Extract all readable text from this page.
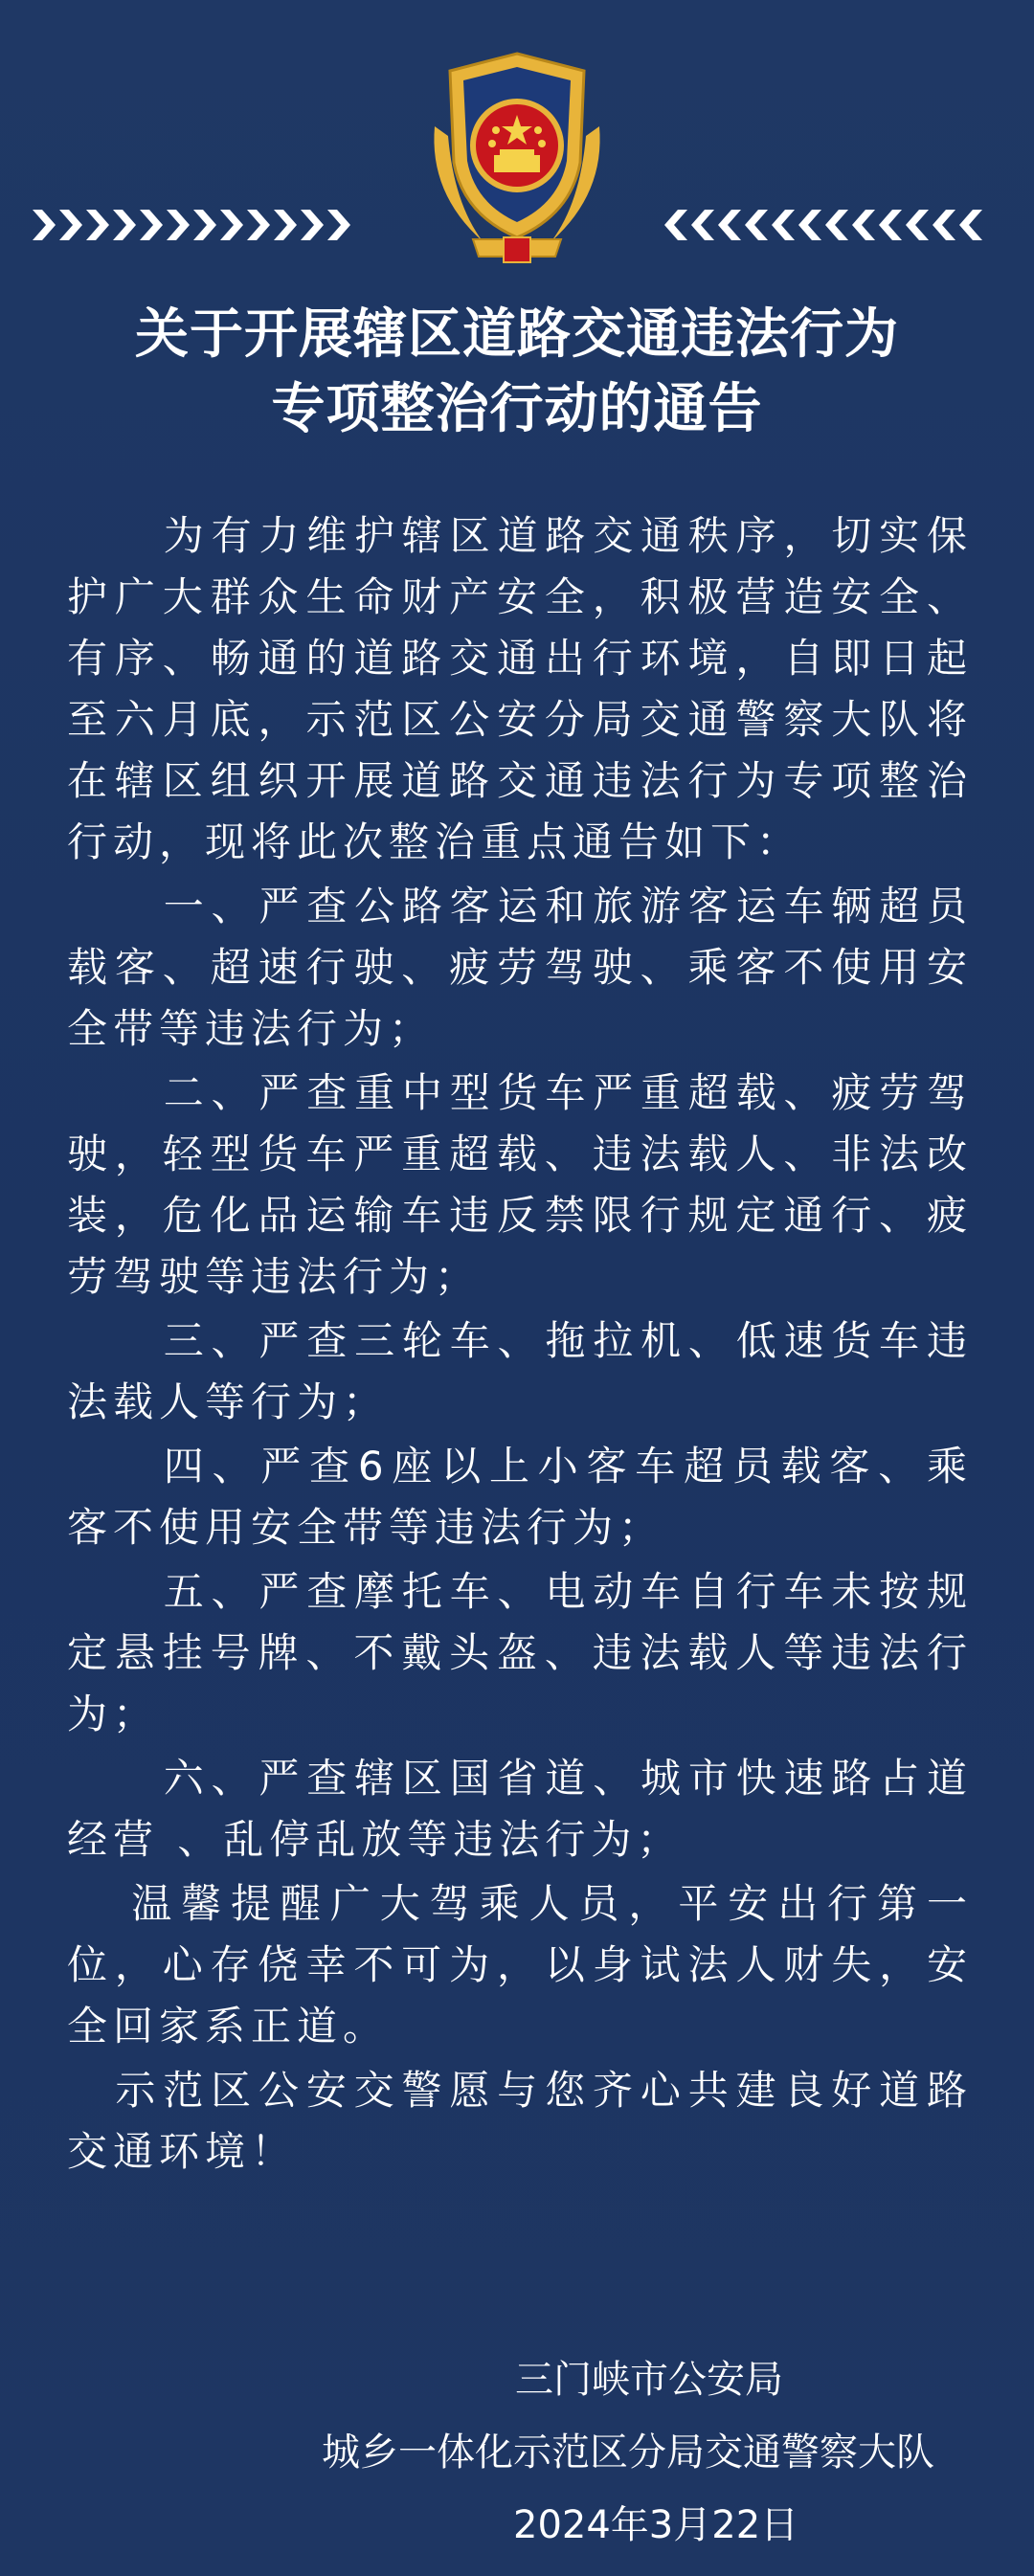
关于开展辖区道路交通违法行为
专项整治行动的通告

为有力维护辖区道路交通秩序，切实保护广大群众生命财产安全，积极营造安全、有序、畅通的道路交通出行环境，自即日起至六月底，示范区公安分局交通警察大队将在辖区组织开展道路交通违法行为专项整治行动，现将此次整治重点通告如下：

一、严查公路客运和旅游客运车辆超员载客、超速行驶、疲劳驾驶、乘客不使用安全带等违法行为；

二、严查重中型货车严重超载、疲劳驾驶，轻型货车严重超载、违法载人、非法改装，危化品运输车违反禁限行规定通行、疲劳驾驶等违法行为；

三、严查三轮车、拖拉机、低速货车违法载人等行为；

四、严查6座以上小客车超员载客、乘客不使用安全带等违法行为；

五、严查摩托车、电动车自行车未按规定悬挂号牌、不戴头盔、违法载人等违法行为；

六、严查辖区国省道、城市快速路占道经营 、乱停乱放等违法行为；

温馨提醒广大驾乘人员，平安出行第一位，心存侥幸不可为，以身试法人财失，安全回家系正道。

示范区公安交警愿与您齐心共建良好道路交通环境！

三门峡市公安局
城乡一体化示范区分局交通警察大队
2024年3月22日
